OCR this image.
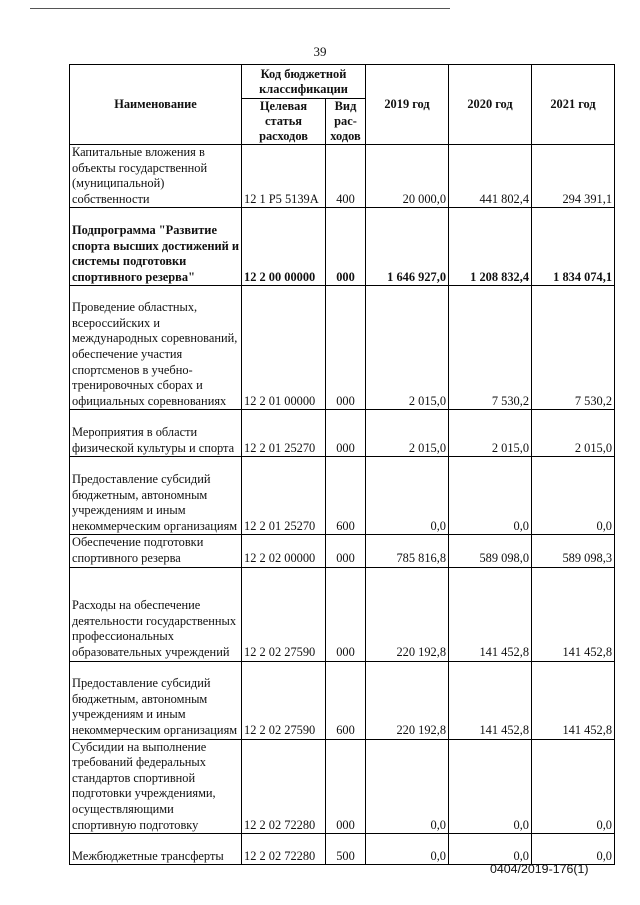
39
Наименование	Код бюджетной классификации		2019 год	2020 год	2021 год
	Целевая статья расходов	Вид рас-ходов			
Капитальные вложения в объекты государственной (муниципальной) собственности	12 1 Р5 5139А	400	20 000,0	441 802,4	294 391,1
Подпрограмма "Развитие спорта высших достижений и системы подготовки спортивного резерва"	12 2 00 00000	000	1 646 927,0	1 208 832,4	1 834 074,1
Проведение областных, всероссийских и международных соревнований, обеспечение участия спортсменов в учебно-тренировочных сборах и официальных соревнованиях	12 2 01 00000	000	2 015,0	7 530,2	7 530,2
Мероприятия в области физической культуры и спорта	12 2 01 25270	000	2 015,0	2 015,0	2 015,0
Предоставление субсидий бюджетным, автономным учреждениям и иным некоммерческим организациям	12 2 01 25270	600	0,0	0,0	0,0
Обеспечение подготовки спортивного резерва	12 2 02 00000	000	785 816,8	589 098,0	589 098,3
Расходы на обеспечение деятельности государственных профессиональных образовательных учреждений	12 2 02 27590	000	220 192,8	141 452,8	141 452,8
Предоставление субсидий бюджетным, автономным учреждениям и иным некоммерческим организациям	12 2 02 27590	600	220 192,8	141 452,8	141 452,8
Субсидии на выполнение требований федеральных стандартов спортивной подготовки учреждениями, осуществляющими спортивную подготовку	12 2 02 72280	000	0,0	0,0	0,0
Межбюджетные трансферты	12 2 02 72280	500	0,0	0,0	0,0
0404/2019-176(1)
